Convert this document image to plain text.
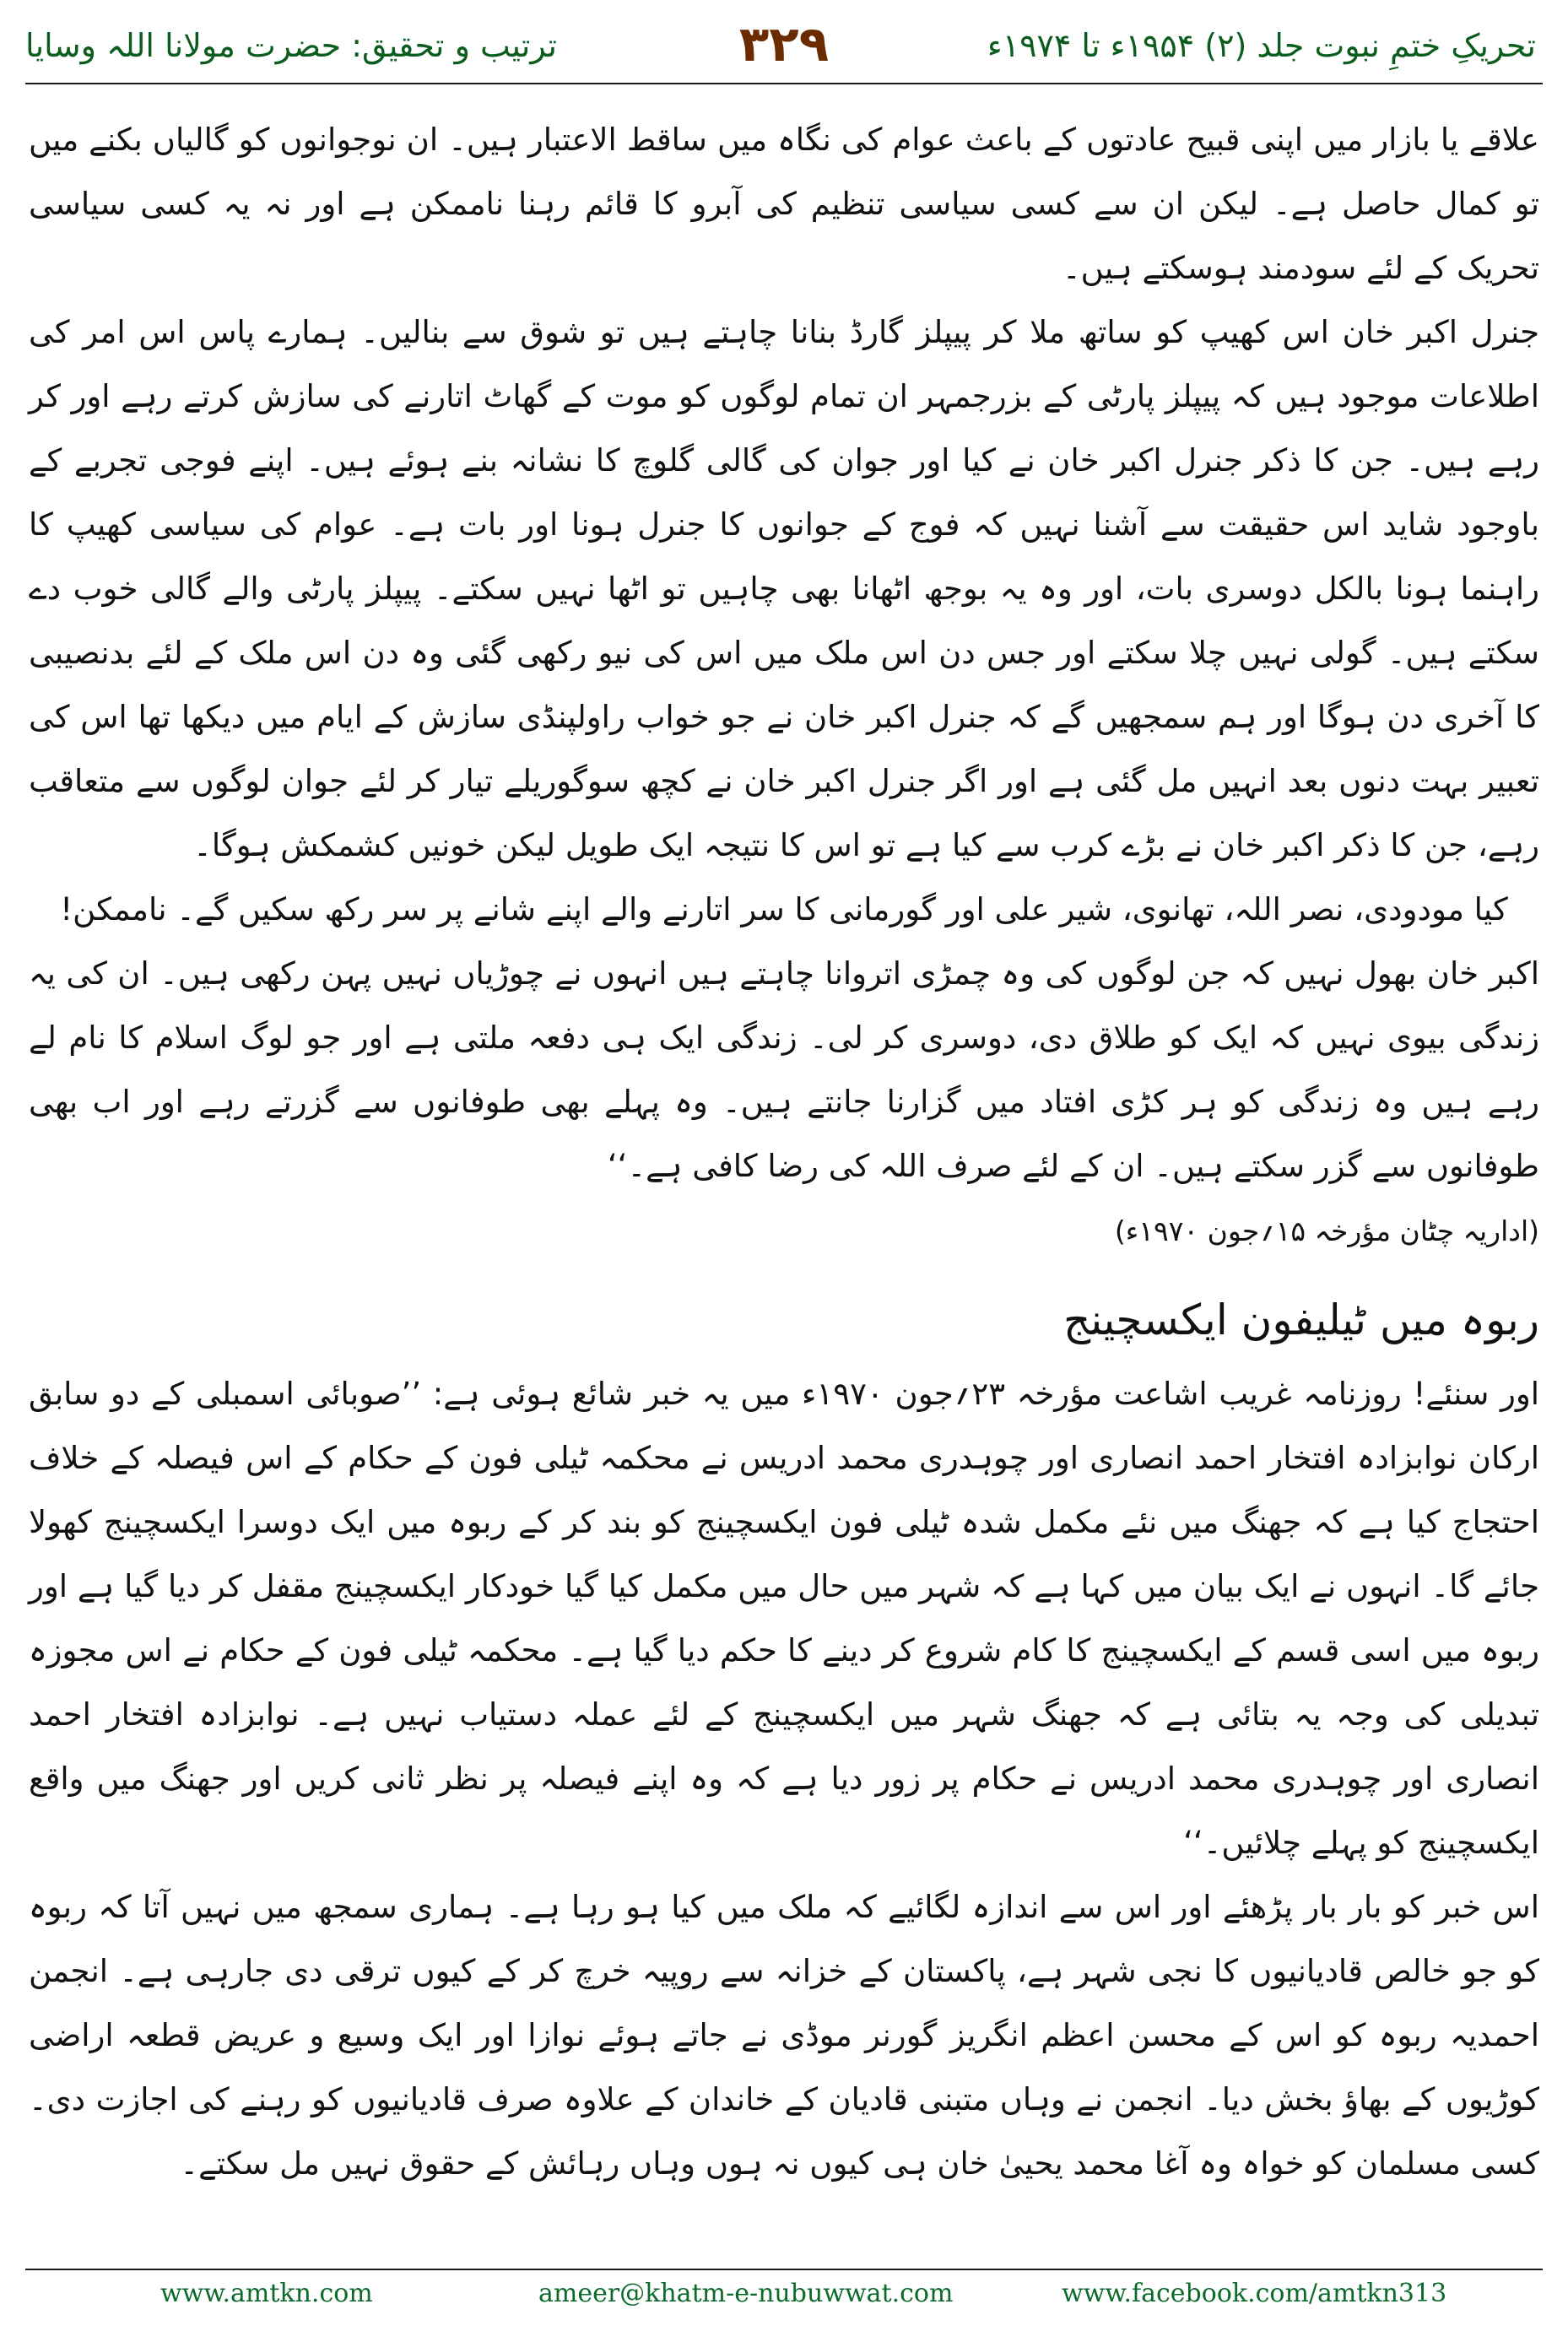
تحریکِ ختمِ نبوت جلد (۲) ۱۹۵۴ء تا ۱۹۷۴ء
۳۲۹
ترتیب و تحقیق: حضرت مولانا اللہ وسایا

علاقے یا بازار میں اپنی قبیح عادتوں کے باعث عوام کی نگاہ میں ساقط الاعتبار ہیں۔ ان نوجوانوں کو گالیاں بکنے میں تو کمال حاصل ہے۔ لیکن ان سے کسی سیاسی تنظیم کی آبرو کا قائم رہنا ناممکن ہے اور نہ یہ کسی سیاسی تحریک کے لئے سودمند ہوسکتے ہیں۔

جنرل اکبر خان اس کھیپ کو ساتھ ملا کر پیپلز گارڈ بنانا چاہتے ہیں تو شوق سے بنالیں۔ ہمارے پاس اس امر کی اطلاعات موجود ہیں کہ پیپلز پارٹی کے بزرجمہر ان تمام لوگوں کو موت کے گھاٹ اتارنے کی سازش کرتے رہے اور کر رہے ہیں۔ جن کا ذکر جنرل اکبر خان نے کیا اور جوان کی گالی گلوچ کا نشانہ بنے ہوئے ہیں۔ اپنے فوجی تجربے کے باوجود شاید اس حقیقت سے آشنا نہیں کہ فوج کے جوانوں کا جنرل ہونا اور بات ہے۔ عوام کی سیاسی کھیپ کا راہنما ہونا بالکل دوسری بات، اور وہ یہ بوجھ اٹھانا بھی چاہیں تو اٹھا نہیں سکتے۔ پیپلز پارٹی والے گالی خوب دے سکتے ہیں۔ گولی نہیں چلا سکتے اور جس دن اس ملک میں اس کی نیو رکھی گئی وہ دن اس ملک کے لئے بدنصیبی کا آخری دن ہوگا اور ہم سمجھیں گے کہ جنرل اکبر خان نے جو خواب راولپنڈی سازش کے ایام میں دیکھا تھا اس کی تعبیر بہت دنوں بعد انہیں مل گئی ہے اور اگر جنرل اکبر خان نے کچھ سوگوریلے تیار کر لئے جوان لوگوں سے متعاقب رہے، جن کا ذکر اکبر خان نے بڑے کرب سے کیا ہے تو اس کا نتیجہ ایک طویل لیکن خونیں کشمکش ہوگا۔

کیا مودودی، نصر اللہ، تھانوی، شیر علی اور گورمانی کا سر اتارنے والے اپنے شانے پر سر رکھ سکیں گے۔ ناممکن!

اکبر خان بھول نہیں کہ جن لوگوں کی وہ چمڑی اتروانا چاہتے ہیں انہوں نے چوڑیاں نہیں پہن رکھی ہیں۔ ان کی یہ زندگی بیوی نہیں کہ ایک کو طلاق دی، دوسری کر لی۔ زندگی ایک ہی دفعہ ملتی ہے اور جو لوگ اسلام کا نام لے رہے ہیں وہ زندگی کو ہر کڑی افتاد میں گزارنا جانتے ہیں۔ وہ پہلے بھی طوفانوں سے گزرتے رہے اور اب بھی طوفانوں سے گزر سکتے ہیں۔ ان کے لئے صرف اللہ کی رضا کافی ہے۔‘‘

(اداریہ چٹان مؤرخہ ۱۵؍جون ۱۹۷۰ء)

ربوہ میں ٹیلیفون ایکسچینج

اور سنئے! روزنامہ غریب اشاعت مؤرخہ ۲۳؍جون ۱۹۷۰ء میں یہ خبر شائع ہوئی ہے: ’’صوبائی اسمبلی کے دو سابق ارکان نوابزادہ افتخار احمد انصاری اور چوہدری محمد ادریس نے محکمہ ٹیلی فون کے حکام کے اس فیصلہ کے خلاف احتجاج کیا ہے کہ جھنگ میں نئے مکمل شدہ ٹیلی فون ایکسچینج کو بند کر کے ربوہ میں ایک دوسرا ایکسچینج کھولا جائے گا۔ انہوں نے ایک بیان میں کہا ہے کہ شہر میں حال میں مکمل کیا گیا خودکار ایکسچینج مقفل کر دیا گیا ہے اور ربوہ میں اسی قسم کے ایکسچینج کا کام شروع کر دینے کا حکم دیا گیا ہے۔ محکمہ ٹیلی فون کے حکام نے اس مجوزہ تبدیلی کی وجہ یہ بتائی ہے کہ جھنگ شہر میں ایکسچینج کے لئے عملہ دستیاب نہیں ہے۔ نوابزادہ افتخار احمد انصاری اور چوہدری محمد ادریس نے حکام پر زور دیا ہے کہ وہ اپنے فیصلہ پر نظر ثانی کریں اور جھنگ میں واقع ایکسچینج کو پہلے چلائیں۔‘‘

اس خبر کو بار بار پڑھئے اور اس سے اندازہ لگائیے کہ ملک میں کیا ہو رہا ہے۔ ہماری سمجھ میں نہیں آتا کہ ربوہ کو جو خالص قادیانیوں کا نجی شہر ہے، پاکستان کے خزانہ سے روپیہ خرچ کر کے کیوں ترقی دی جارہی ہے۔ انجمن احمدیہ ربوہ کو اس کے محسن اعظم انگریز گورنر موڈی نے جاتے ہوئے نوازا اور ایک وسیع و عریض قطعہ اراضی کوڑیوں کے بھاؤ بخش دیا۔ انجمن نے وہاں متبنی قادیان کے خاندان کے علاوہ صرف قادیانیوں کو رہنے کی اجازت دی۔ کسی مسلمان کو خواہ وہ آغا محمد یحییٰ خان ہی کیوں نہ ہوں وہاں رہائش کے حقوق نہیں مل سکتے۔

www.amtkn.com	ameer@khatm-e-nubuwwat.com	www.facebook.com/amtkn313
